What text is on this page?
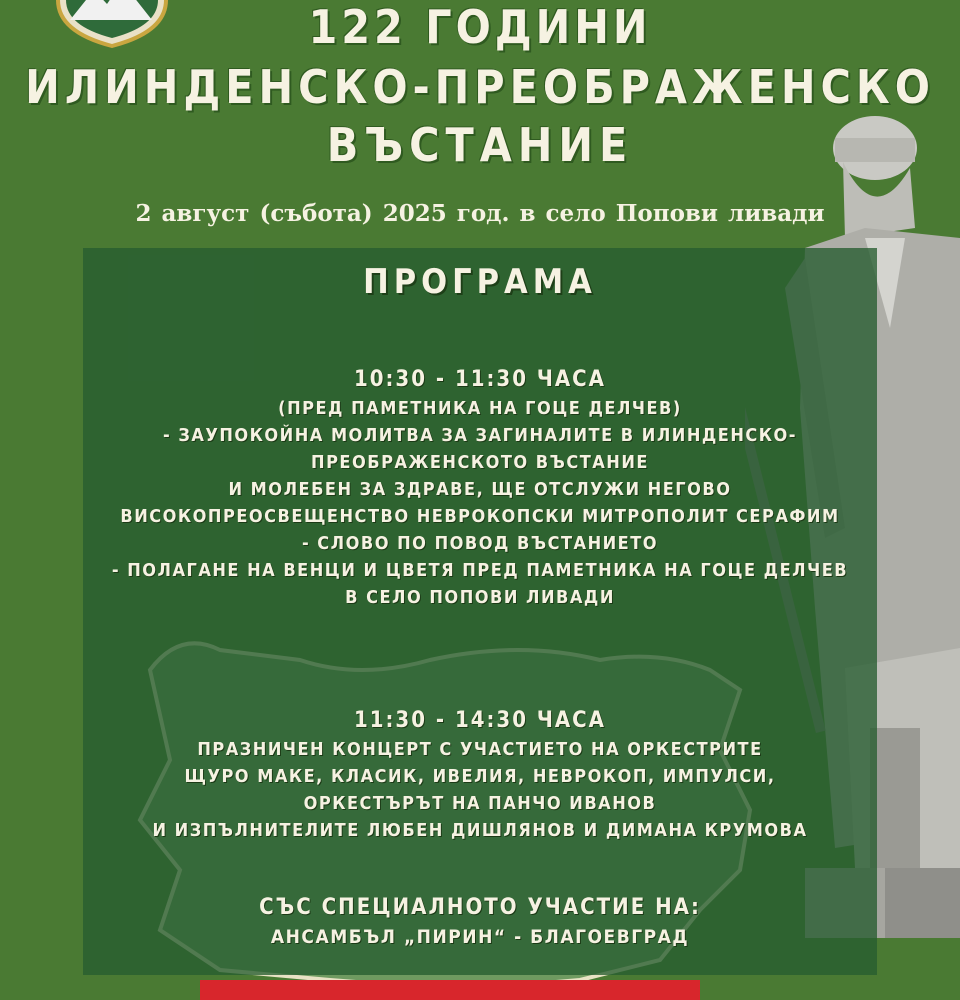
122 ГОДИНИ
ИЛИНДЕНСКО-ПРЕОБРАЖЕНСКО
ВЪСТАНИЕ
2 август (събота) 2025 год. в село Попови ливади
ПРОГРАМА
10:30 - 11:30 ЧАСА
(ПРЕД ПАМЕТНИКА НА ГОЦЕ ДЕЛЧЕВ)
- ЗАУПОКОЙНА МОЛИТВА ЗА ЗАГИНАЛИТЕ В ИЛИНДЕНСКО-
ПРЕОБРАЖЕНСКОТО ВЪСТАНИЕ
И МОЛЕБЕН ЗА ЗДРАВЕ, ЩЕ ОТСЛУЖИ НЕГОВО
ВИСОКОПРЕОСВЕЩЕНСТВО НЕВРОКОПСКИ МИТРОПОЛИТ СЕРАФИМ
- СЛОВО ПО ПОВОД ВЪСТАНИЕТО
- ПОЛАГАНЕ НА ВЕНЦИ И ЦВЕТЯ ПРЕД ПАМЕТНИКА НА ГОЦЕ ДЕЛЧЕВ
В СЕЛО ПОПОВИ ЛИВАДИ
11:30 - 14:30 ЧАСА
ПРАЗНИЧЕН КОНЦЕРТ С УЧАСТИЕТО НА ОРКЕСТРИТЕ
ЩУРО МАКЕ, КЛАСИК, ИВЕЛИЯ, НЕВРОКОП, ИМПУЛСИ,
ОРКЕСТЪРЪТ НА ПАНЧО ИВАНОВ
И ИЗПЪЛНИТЕЛИТЕ ЛЮБЕН ДИШЛЯНОВ И ДИМАНА КРУМОВА
СЪС СПЕЦИАЛНОТО УЧАСТИЕ НА:
АНСАМБЪЛ „ПИРИН“ - БЛАГОЕВГРАД
